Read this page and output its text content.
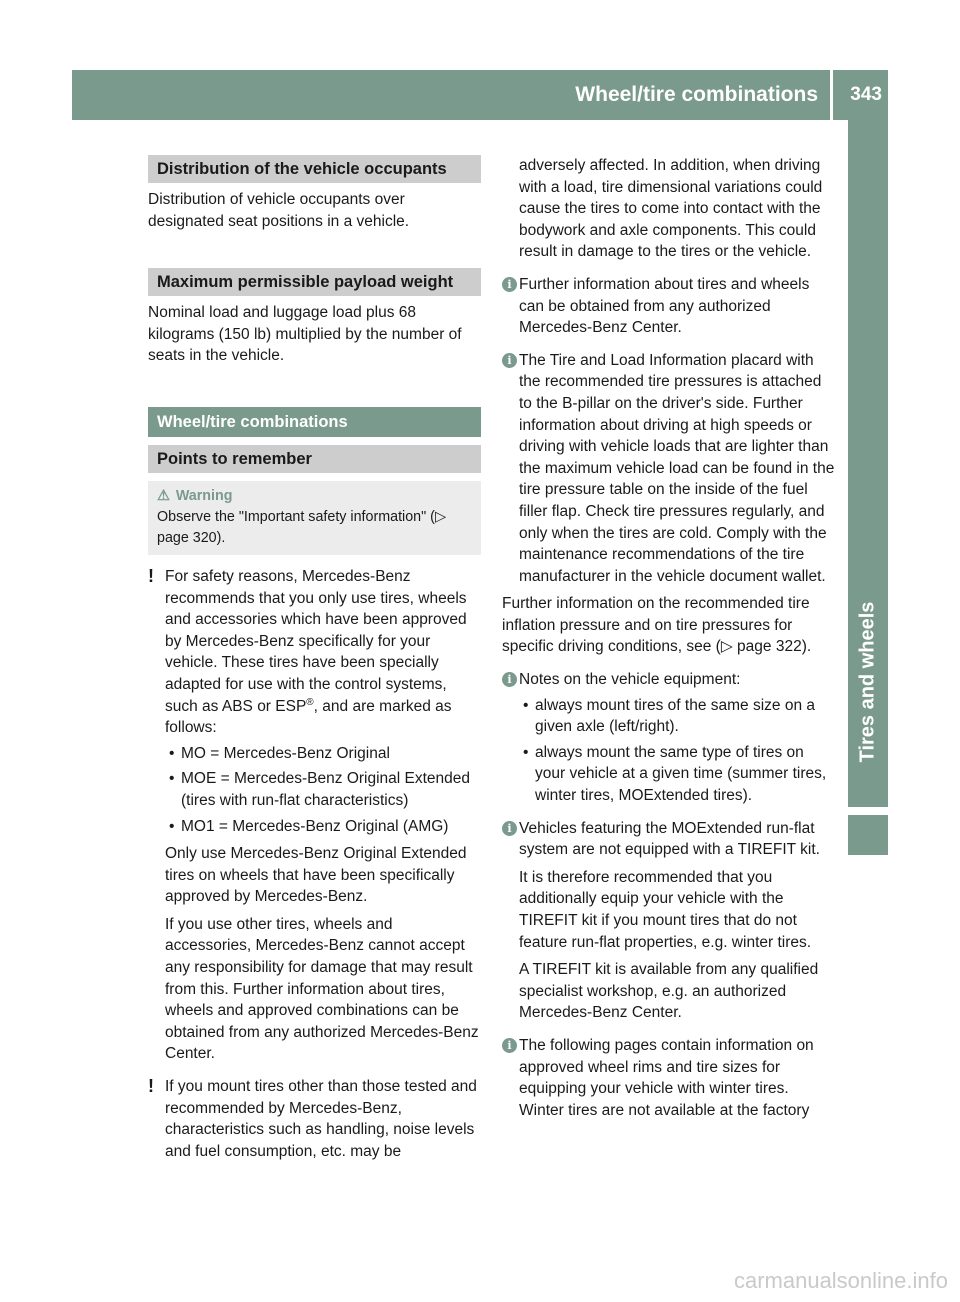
Wheel/tire combinations 343
Tires and wheels
Distribution of the vehicle occupants

Distribution of vehicle occupants over designated seat positions in a vehicle.

Maximum permissible payload weight

Nominal load and luggage load plus 68 kilograms (150 lb) multiplied by the number of seats in the vehicle.

Wheel/tire combinations
Points to remember
⚠ Warning
Observe the "Important safety information" (▷ page 320).
! For safety reasons, Mercedes-Benz recommends that you only use tires, wheels and accessories which have been approved by Mercedes-Benz specifically for your vehicle. These tires have been specially adapted for use with the control systems, such as ABS or ESP®, and are marked as follows:

• MO = Mercedes-Benz Original
• MOE = Mercedes-Benz Original Extended (tires with run-flat characteristics)
• MO1 = Mercedes-Benz Original (AMG)

Only use Mercedes-Benz Original Extended tires on wheels that have been specifically approved by Mercedes-Benz.

If you use other tires, wheels and accessories, Mercedes-Benz cannot accept any responsibility for damage that may result from this. Further information about tires, wheels and approved combinations can be obtained from any authorized Mercedes-Benz Center.

! If you mount tires other than those tested and recommended by Mercedes-Benz, characteristics such as handling, noise levels and fuel consumption, etc. may be

adversely affected. In addition, when driving with a load, tire dimensional variations could cause the tires to come into contact with the bodywork and axle components. This could result in damage to the tires or the vehicle.

i Further information about tires and wheels can be obtained from any authorized Mercedes-Benz Center.

i The Tire and Load Information placard with the recommended tire pressures is attached to the B-pillar on the driver's side. Further information about driving at high speeds or driving with vehicle loads that are lighter than the maximum vehicle load can be found in the tire pressure table on the inside of the fuel filler flap. Check tire pressures regularly, and only when the tires are cold. Comply with the maintenance recommendations of the tire manufacturer in the vehicle document wallet.

Further information on the recommended tire inflation pressure and on tire pressures for specific driving conditions, see (▷ page 322).

i Notes on the vehicle equipment:

• always mount tires of the same size on a given axle (left/right).
• always mount the same type of tires on your vehicle at a given time (summer tires, winter tires, MOExtended tires).
i Vehicles featuring the MOExtended run-flat system are not equipped with a TIREFIT kit.

It is therefore recommended that you additionally equip your vehicle with the TIREFIT kit if you mount tires that do not feature run-flat properties, e.g. winter tires.

A TIREFIT kit is available from any qualified specialist workshop, e.g. an authorized Mercedes-Benz Center.

i The following pages contain information on approved wheel rims and tire sizes for equipping your vehicle with winter tires. Winter tires are not available at the factory

carmanualsonline.info
